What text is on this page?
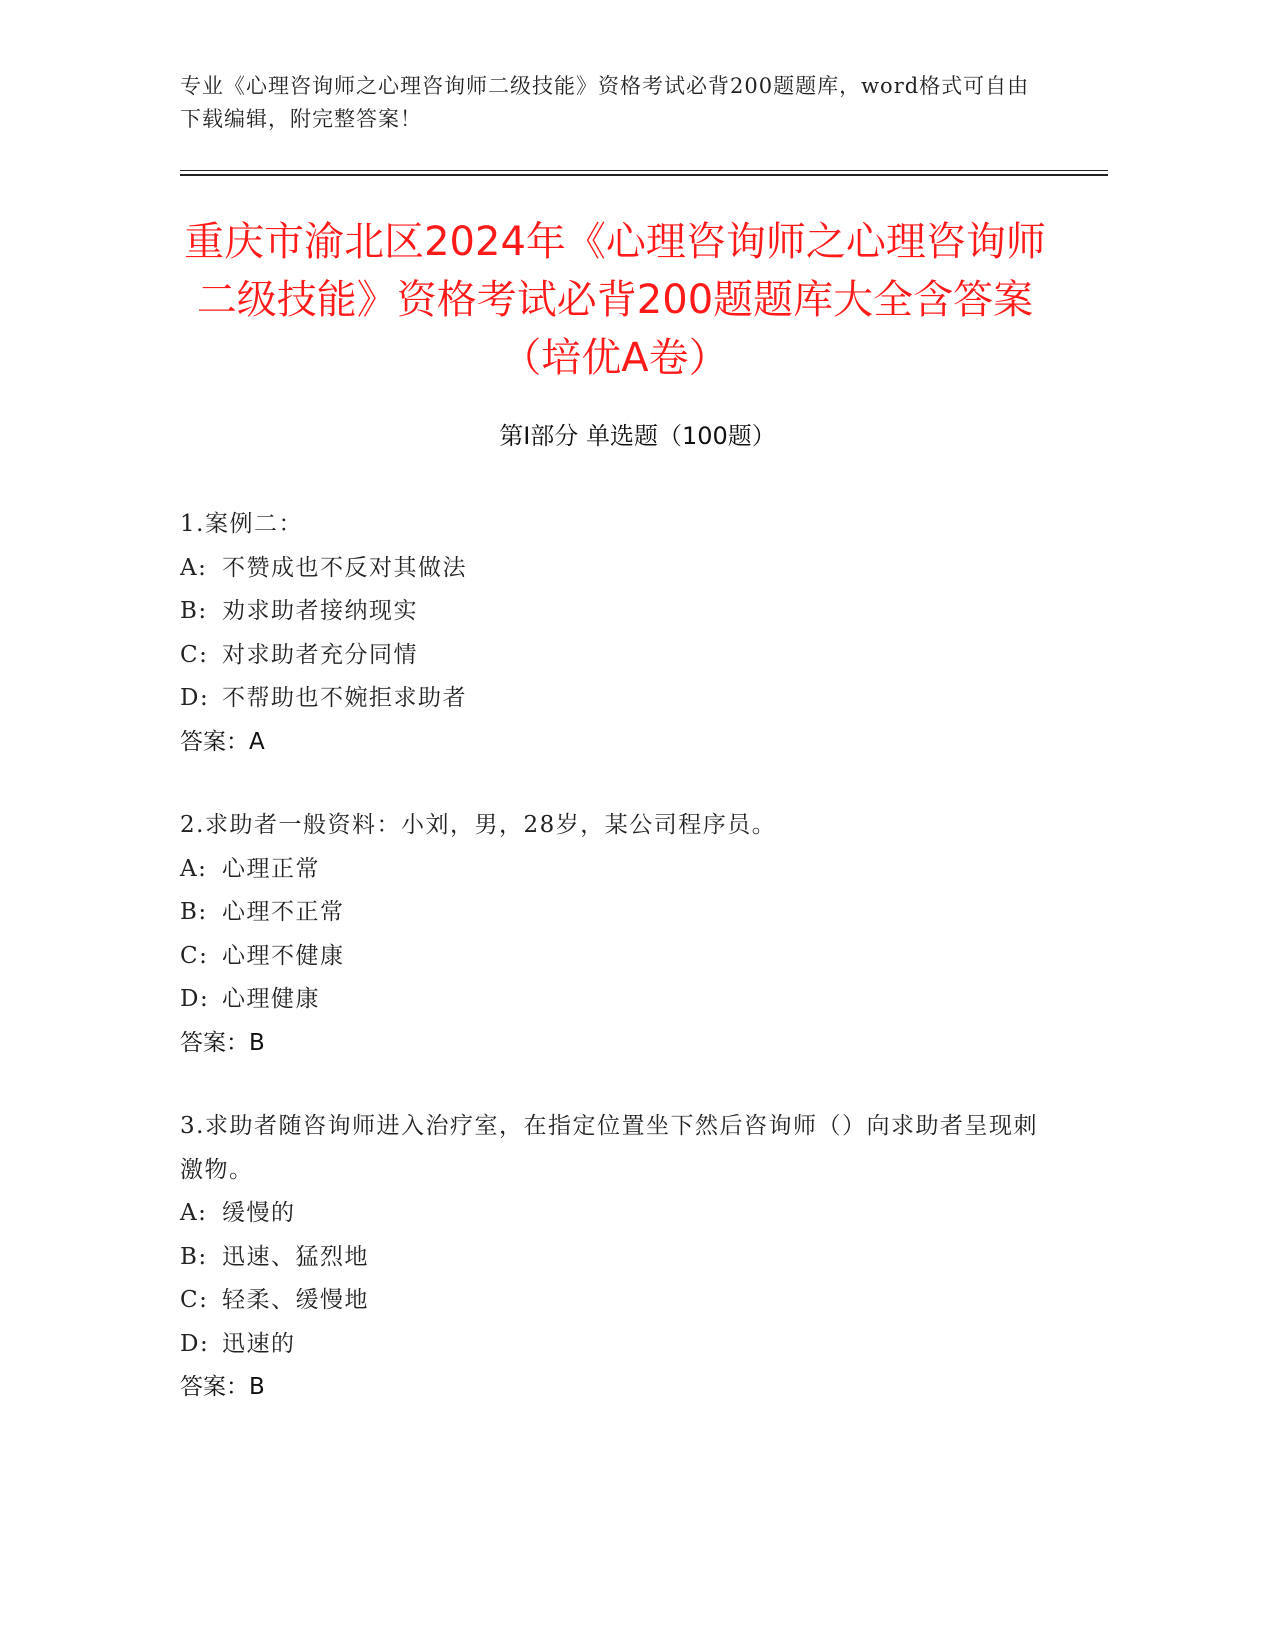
专业《心理咨询师之心理咨询师二级技能》资格考试必背200题题库，word格式可自由下载编辑，附完整答案！
重庆市渝北区2024年《心理咨询师之心理咨询师二级技能》资格考试必背200题题库大全含答案（培优A卷）
第I部分 单选题（100题）
1.案例二：
A: 不赞成也不反对其做法
B: 劝求助者接纳现实
C: 对求助者充分同情
D: 不帮助也不婉拒求助者
答案：A
2.求助者一般资料：小刘，男，28岁，某公司程序员。
A: 心理正常
B: 心理不正常
C: 心理不健康
D: 心理健康
答案：B
3.求助者随咨询师进入治疗室，在指定位置坐下然后咨询师（）向求助者呈现刺激物。
A: 缓慢的
B: 迅速、猛烈地
C: 轻柔、缓慢地
D: 迅速的
答案：B
